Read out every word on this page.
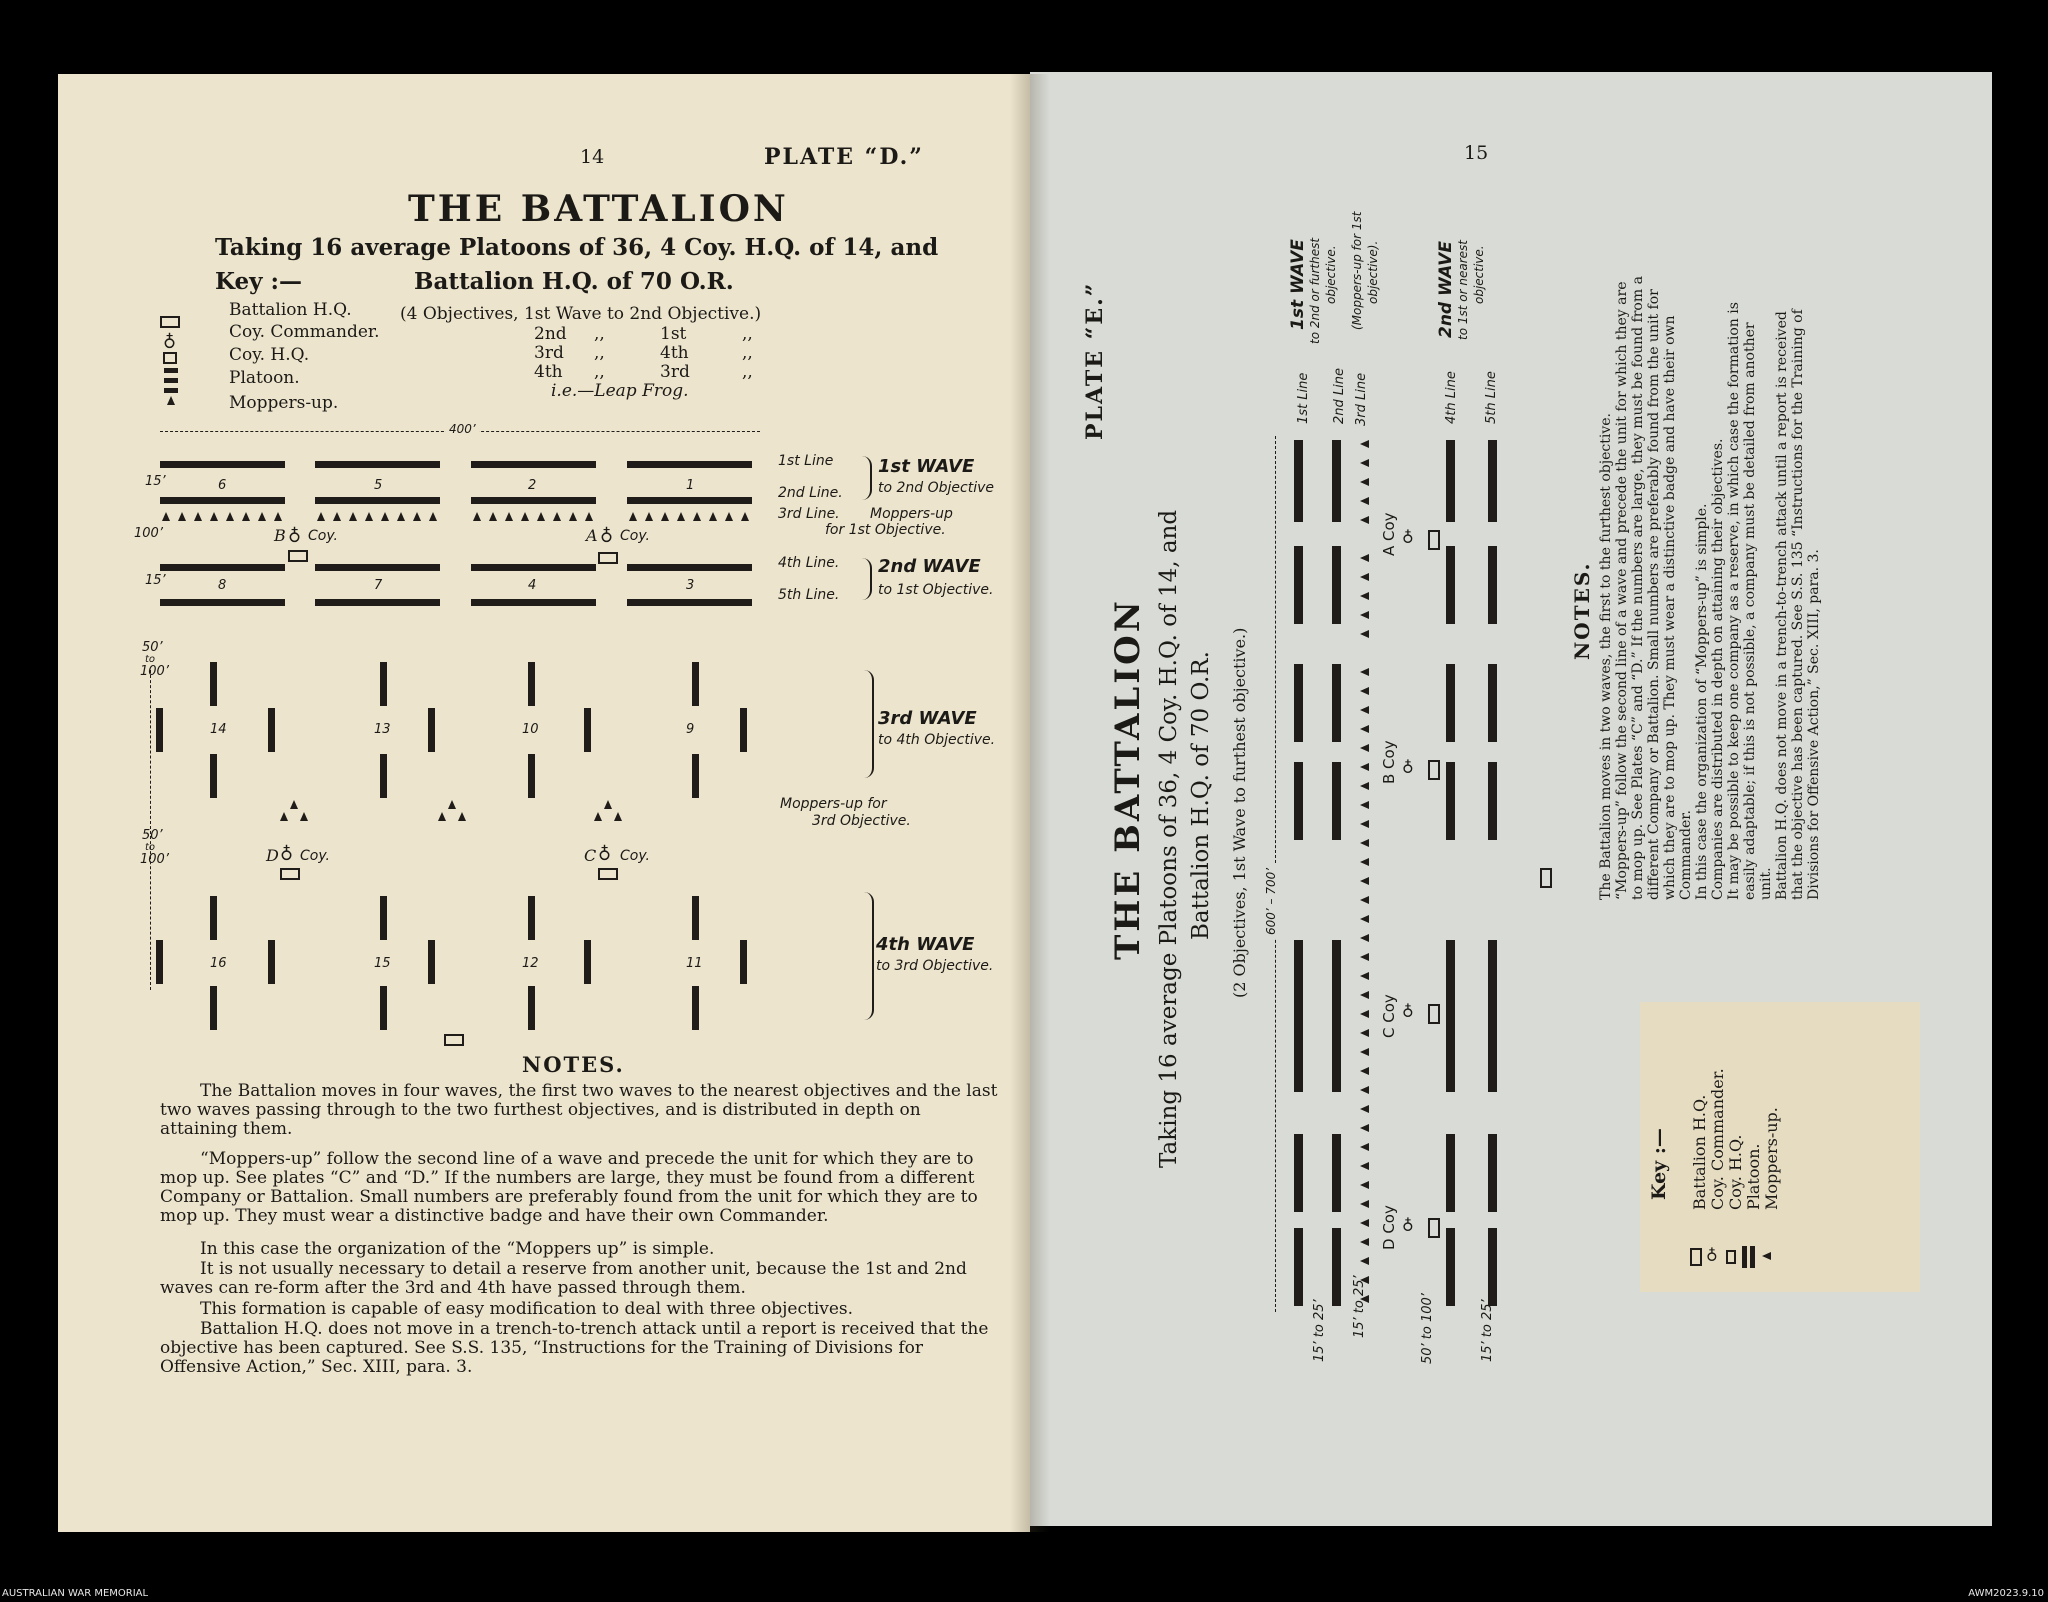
14	PLATE “D.”
THE BATTALION
Taking 16 average Platoons of 36, 4 Coy. H.Q. of 14, and
Battalion H.Q. of 70 O.R.
Key :—
♁
Battalion H.Q.
Coy. Commander.
Coy. H.Q.
Platoon.
Moppers-up.
(4 Objectives, 1st Wave to 2nd Objective.)
2nd ,,	1st	,,
3rd ,,	4th	,,
4th ,,	3rd	,,
i.e.—Leap Frog.
400’
6	5	2	1
B ♁ Coy.	A ♁ Coy.
8	7	4	3
15’
100’
15’
50’
to
100’
50’
to
100’
1st Line
2nd Line.
3rd Line.
4th Line.
5th Line.
1st WAVE
to 2nd Objective
Moppers-up
for 1st Objective.
2nd WAVE
to 1st Objective.
14	13	10	9
16	15	12	11
D ♁ Coy.	C ♁ Coy.
3rd WAVE
to 4th Objective.
Moppers-up for
3rd Objective.
4th WAVE
to 3rd Objective.
NOTES.
The Battalion moves in four waves, the first two waves to the nearest objectives and the last two waves passing through to the two furthest objectives, and is distributed in depth on attaining them.
“Moppers-up” follow the second line of a wave and precede the unit for which they are to mop up. See plates “C” and “D.” If the numbers are large, they must be found from a different Company or Battalion. Small numbers are preferably found from the unit for which they are to mop up. They must wear a distinctive badge and have their own Commander.
In this case the organization of the “Moppers up” is simple.
It is not usually necessary to detail a reserve from another unit, because the 1st and 2nd waves can re-form after the 3rd and 4th have passed through them.
This formation is capable of easy modification to deal with three objectives.
Battalion H.Q. does not move in a trench-to-trench attack until a report is received that the objective has been captured. See S.S. 135, “Instructions for the Training of Divisions for Offensive Action,” Sec. XIII, para. 3.
15
PLATE “E.”
THE BATTALION Taking 16 average Platoons of 36, 4 Coy. H.Q. of 14, and Battalion H.Q. of 70 O.R. (2 Objectives, 1st Wave to furthest objective.)
♁
♁
♁
♁
1st Line 2nd Line 3rd Line	4th Line 5th Line
1st WAVE to 2nd or furthest objective. (Moppers-up for 1st objective).	2nd WAVE to 1st or nearest objective.
A Coy
B Coy
C Coy
D Coy
600’ – 700’
15’ to 25’ 15’ to 25’	50’ to 100’	15’ to 25’
NOTES. The Battalion moves in two waves, the first to the furthest objective. “Moppers-up” follow the second line of a wave and precede the unit for which they are to mop up. See Plates “C” and “D.” If the numbers are large, they must be found from a different Company or Battalion. Small numbers are preferably found from the unit for which they are to mop up. They must wear a distinctive badge and have their own Commander. In this case the organization of “Moppers-up” is simple. Companies are distributed in depth on attaining their objectives. It may be possible to keep one company as a reserve, in which case the formation is easily adaptable; if this is not possible, a company must be detailed from another unit. Battalion H.Q. does not move in a trench-to-trench attack until a report is received that the objective has been captured. See S.S. 135 “Instructions for the Training of Divisions for Offensive Action,” Sec. XIII, para. 3.
Key :— Battalion H.Q. Coy. Commander. Coy. H.Q. Platoon. Moppers-up.
♁
AUSTRALIAN WAR MEMORIAL	AWM2023.9.10
